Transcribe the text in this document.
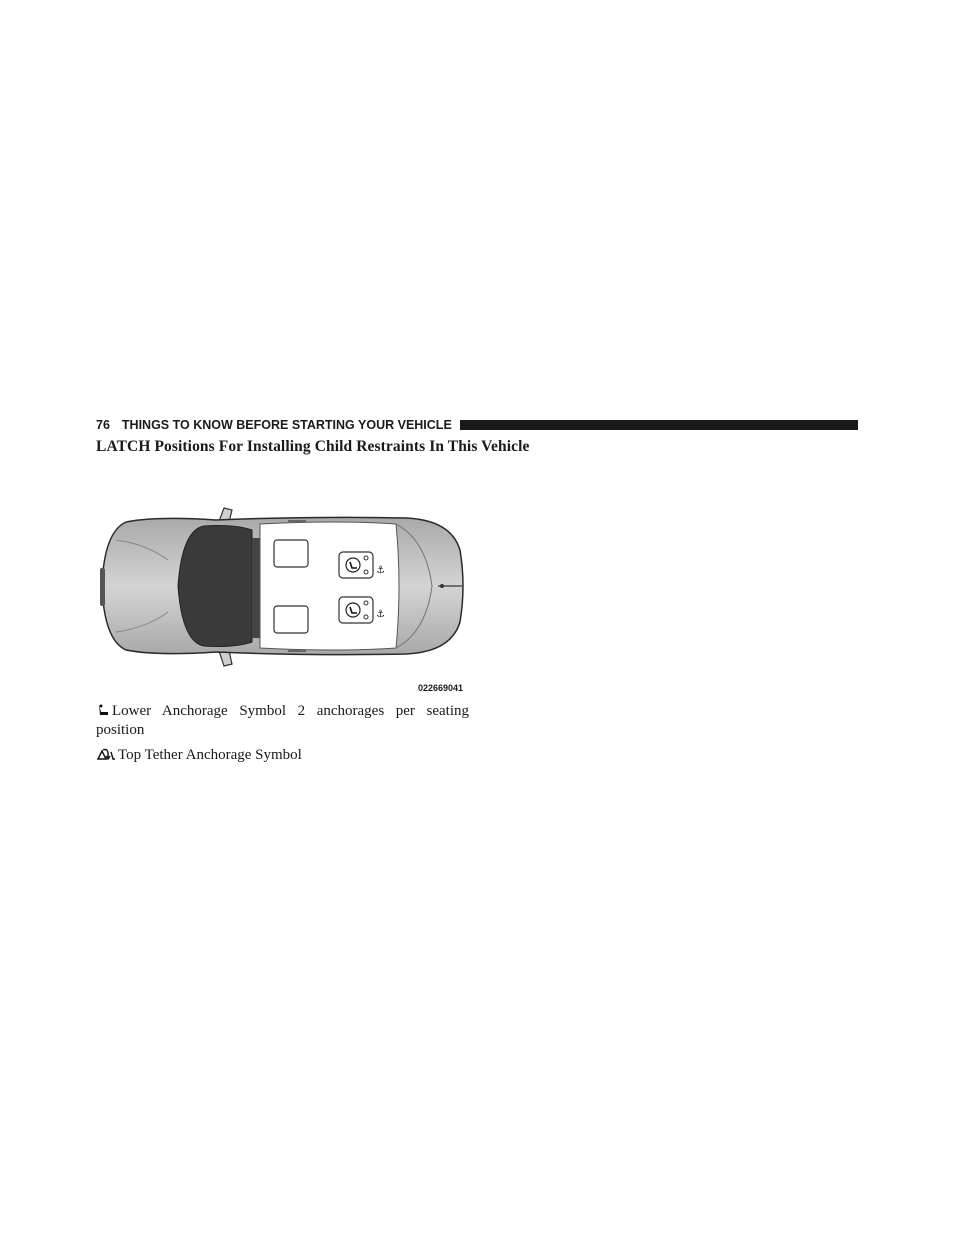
76 THINGS TO KNOW BEFORE STARTING YOUR VEHICLE
LATCH Positions For Installing Child Restraints In This Vehicle
⚓
⚓
022669041
Lower Anchorage Symbol 2 anchorages per seating position
Top Tether Anchorage Symbol
